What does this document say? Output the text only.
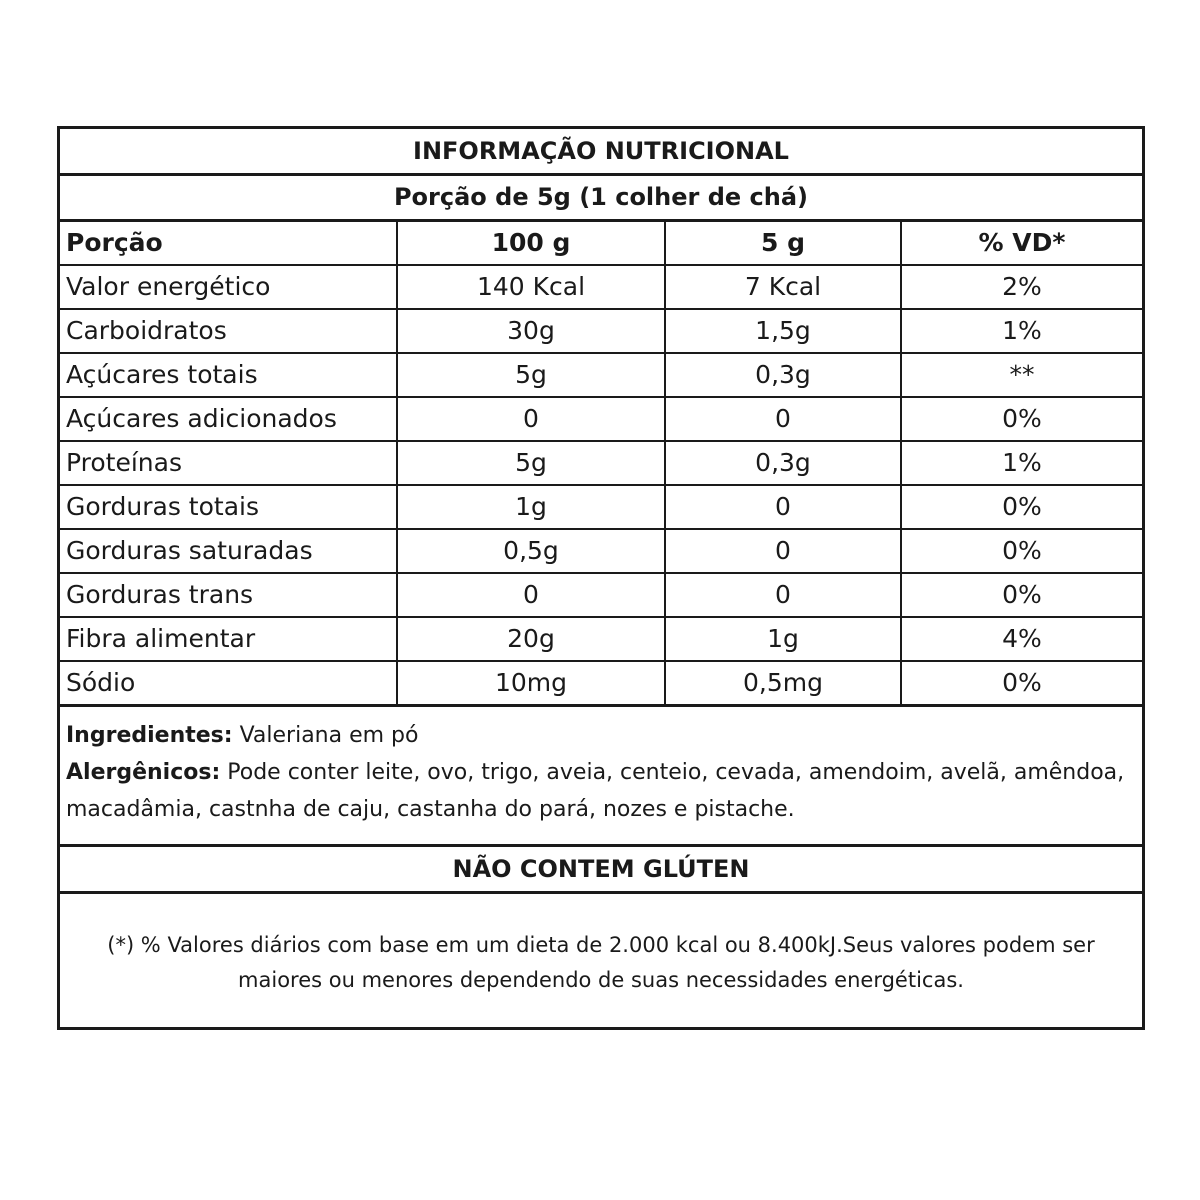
INFORMAÇÃO NUTRICIONAL
Porção de 5g (1 colher de chá)
Porção	100 g	5 g	% VD*
Valor energético	140 Kcal	7 Kcal	2%
Carboidratos	30g	1,5g	1%
Açúcares totais	5g	0,3g	**
Açúcares adicionados	0	0	0%
Proteínas	5g	0,3g	1%
Gorduras totais	1g	0	0%
Gorduras saturadas	0,5g	0	0%
Gorduras trans	0	0	0%
Fibra alimentar	20g	1g	4%
Sódio	10mg	0,5mg	0%
Ingredientes: Valeriana em pó
Alergênicos: Pode conter leite, ovo, trigo, aveia, centeio, cevada, amendoim, avelã, amêndoa, macadâmia, castnha de caju, castanha do pará, nozes e pistache.
NÃO CONTEM GLÚTEN
(*) % Valores diários com base em um dieta de 2.000 kcal ou 8.400kJ.Seus valores podem ser maiores ou menores dependendo de suas necessidades energéticas.
